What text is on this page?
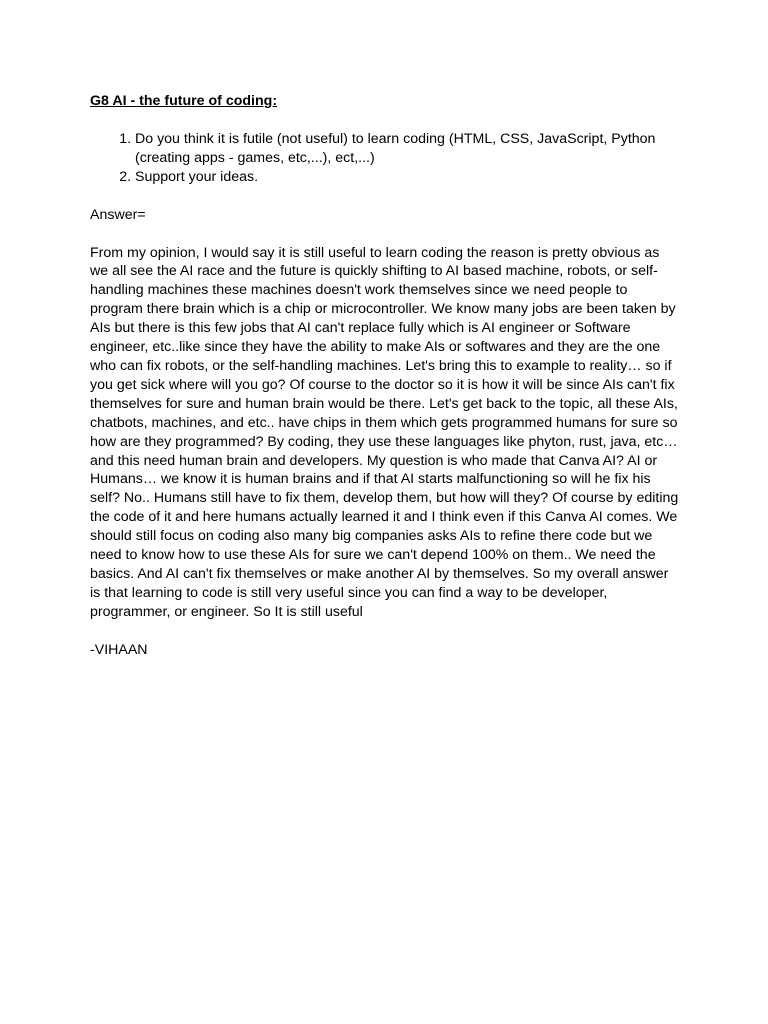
G8 AI - the future of coding:

1. Do you think it is futile (not useful) to learn coding (HTML, CSS, JavaScript, Python (creating apps - games, etc,...), ect,...)
2. Support your ideas.

Answer=

From my opinion, I would say it is still useful to learn coding the reason is pretty obvious as we all see the AI race and the future is quickly shifting to AI based machine, robots, or self-handling machines these machines doesn't work themselves since we need people to program there brain which is a chip or microcontroller. We know many jobs are been taken by AIs but there is this few jobs that AI can't replace fully which is AI engineer or Software engineer, etc..like since they have the ability to make AIs or softwares and they are the one who can fix robots, or the self-handling machines. Let's bring this to example to reality… so if you get sick where will you go? Of course to the doctor so it is how it will be since AIs can't fix themselves for sure and human brain would be there. Let's get back to the topic, all these AIs, chatbots, machines, and etc.. have chips in them which gets programmed humans for sure so how are they programmed? By coding, they use these languages like phyton, rust, java, etc… and this need human brain and developers. My question is who made that Canva AI? AI or Humans… we know it is human brains and if that AI starts malfunctioning so will he fix his self? No.. Humans still have to fix them, develop them, but how will they? Of course by editing the code of it and here humans actually learned it and I think even if this Canva AI comes. We should still focus on coding also many big companies asks AIs to refine there code but we need to know how to use these AIs for sure we can't depend 100% on them.. We need the basics. And AI can't fix themselves or make another AI by themselves. So my overall answer is that learning to code is still very useful since you can find a way to be developer, programmer, or engineer. So It is still useful

-VIHAAN
